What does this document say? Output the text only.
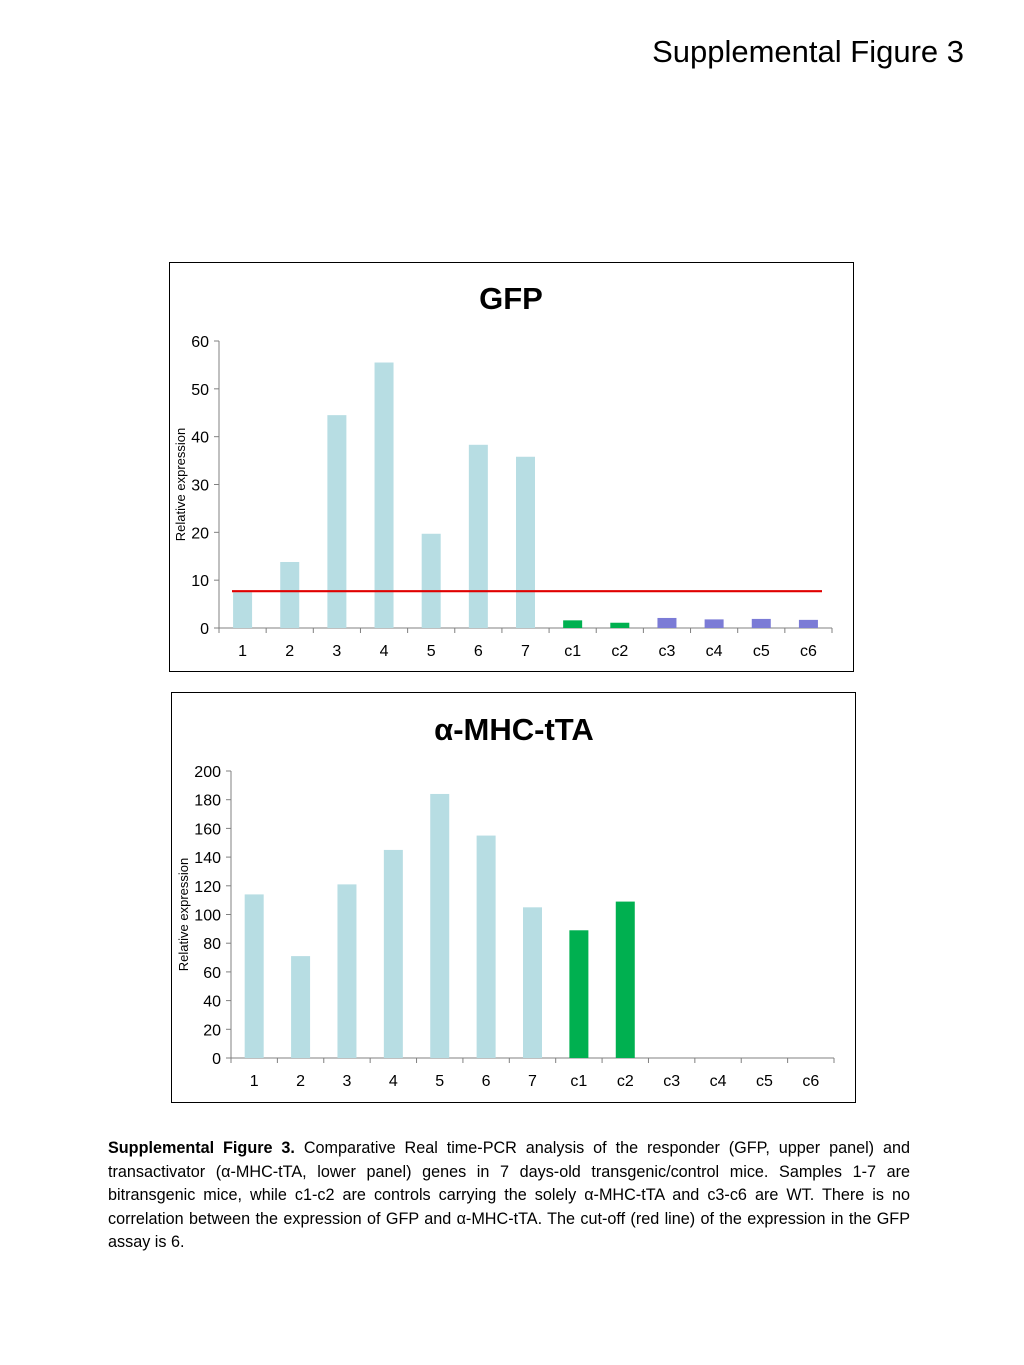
Supplemental Figure 3
GFP
0
10
20
30
40
50
60
1 2 3 4 5 6 7 c1 c2 c3 c4 c5 c6
Relative expression
α-MHC-tTA
0
20
40
60
80
100
120
140
160
180
200
1 2 3 4 5 6 7 c1 c2 c3 c4 c5 c6
Relative expression
Supplemental Figure 3. Comparative Real time-PCR analysis of the responder (GFP, upper panel) and transactivator (α-MHC-tTA, lower panel) genes in 7 days-old transgenic/control mice. Samples 1-7 are bitransgenic mice, while c1-c2 are controls carrying the solely α-MHC-tTA and c3-c6 are WT. There is no correlation between the expression of GFP and α-MHC-tTA. The cut-off (red line) of the expression in the GFP assay is 6.
